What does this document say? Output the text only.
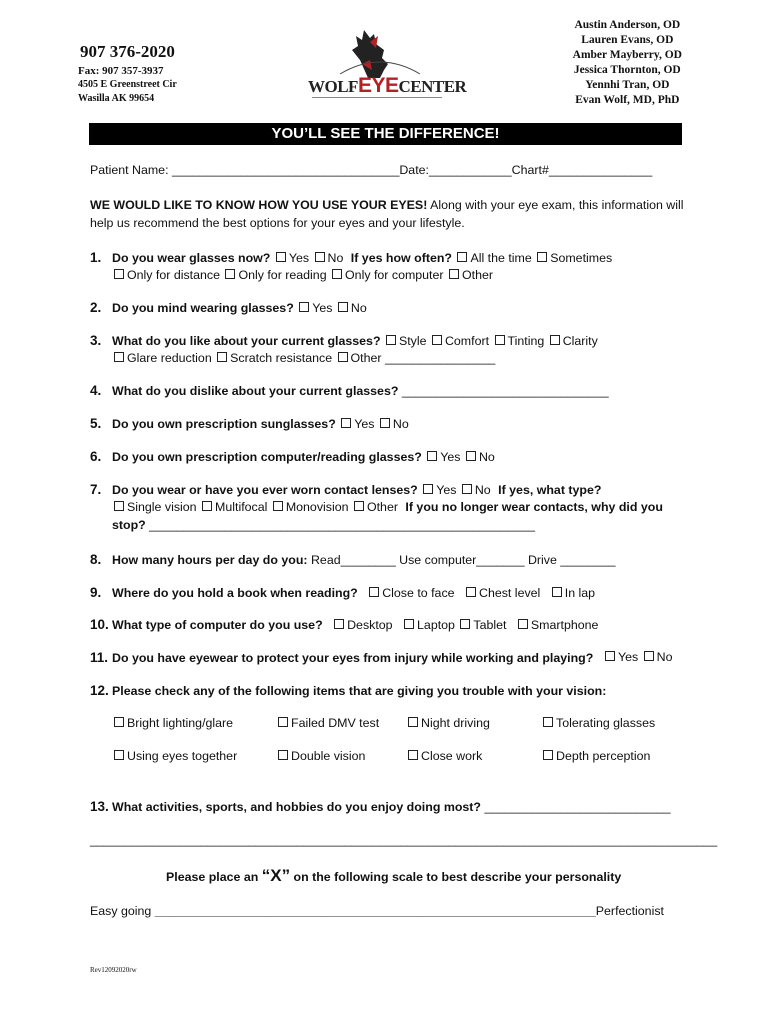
907 376-2020
Fax: 907 357-3937
4505 E Greenstreet Cir
Wasilla AK 99654
WOLFEYECENTER
Austin Anderson, OD
Lauren Evans, OD
Amber Mayberry, OD
Jessica Thornton, OD
Yennhi Tran, OD
Evan Wolf, MD, PhD
YOU’LL SEE THE DIFFERENCE!
Patient Name: _________________________________Date:____________Chart#_______________
WE WOULD LIKE TO KNOW HOW YOU USE YOUR EYES! Along with your eye exam, this information will
help us recommend the best options for your eyes and your lifestyle.
1. Do you wear glasses now? Yes No If yes how often? All the time Sometimes
Only for distance Only for reading Only for computer Other
2. Do you mind wearing glasses? Yes No
3. What do you like about your current glasses? Style Comfort Tinting Clarity
Glare reduction Scratch resistance Other ________________
4. What do you dislike about your current glasses? ______________________________
5. Do you own prescription sunglasses? Yes No
6. Do you own prescription computer/reading glasses? Yes No
7. Do you wear or have you ever worn contact lenses? Yes No If yes, what type?
Single vision Multifocal Monovision Other If you no longer wear contacts, why did you
stop? ________________________________________________________
8. How many hours per day do you: Read________ Use computer_______ Drive ________
9. Where do you hold a book when reading? Close to face Chest level In lap
10. What type of computer do you use? Desktop Laptop Tablet Smartphone
11. Do you have eyewear to protect your eyes from injury while working and playing?	Yes No
12. Please check any of the following items that are giving you trouble with your vision:
Bright lighting/glare	Failed DMV test	Night driving	Tolerating glasses
Using eyes together	Double vision	Close work	Depth perception
13. What activities, sports, and hobbies do you enjoy doing most? ___________________________
___________________________________________________________________________________________
Please place an “X” on the following scale to best describe your personality
Easy going ________________________________________________________________Perfectionist
Rev12092020rw
